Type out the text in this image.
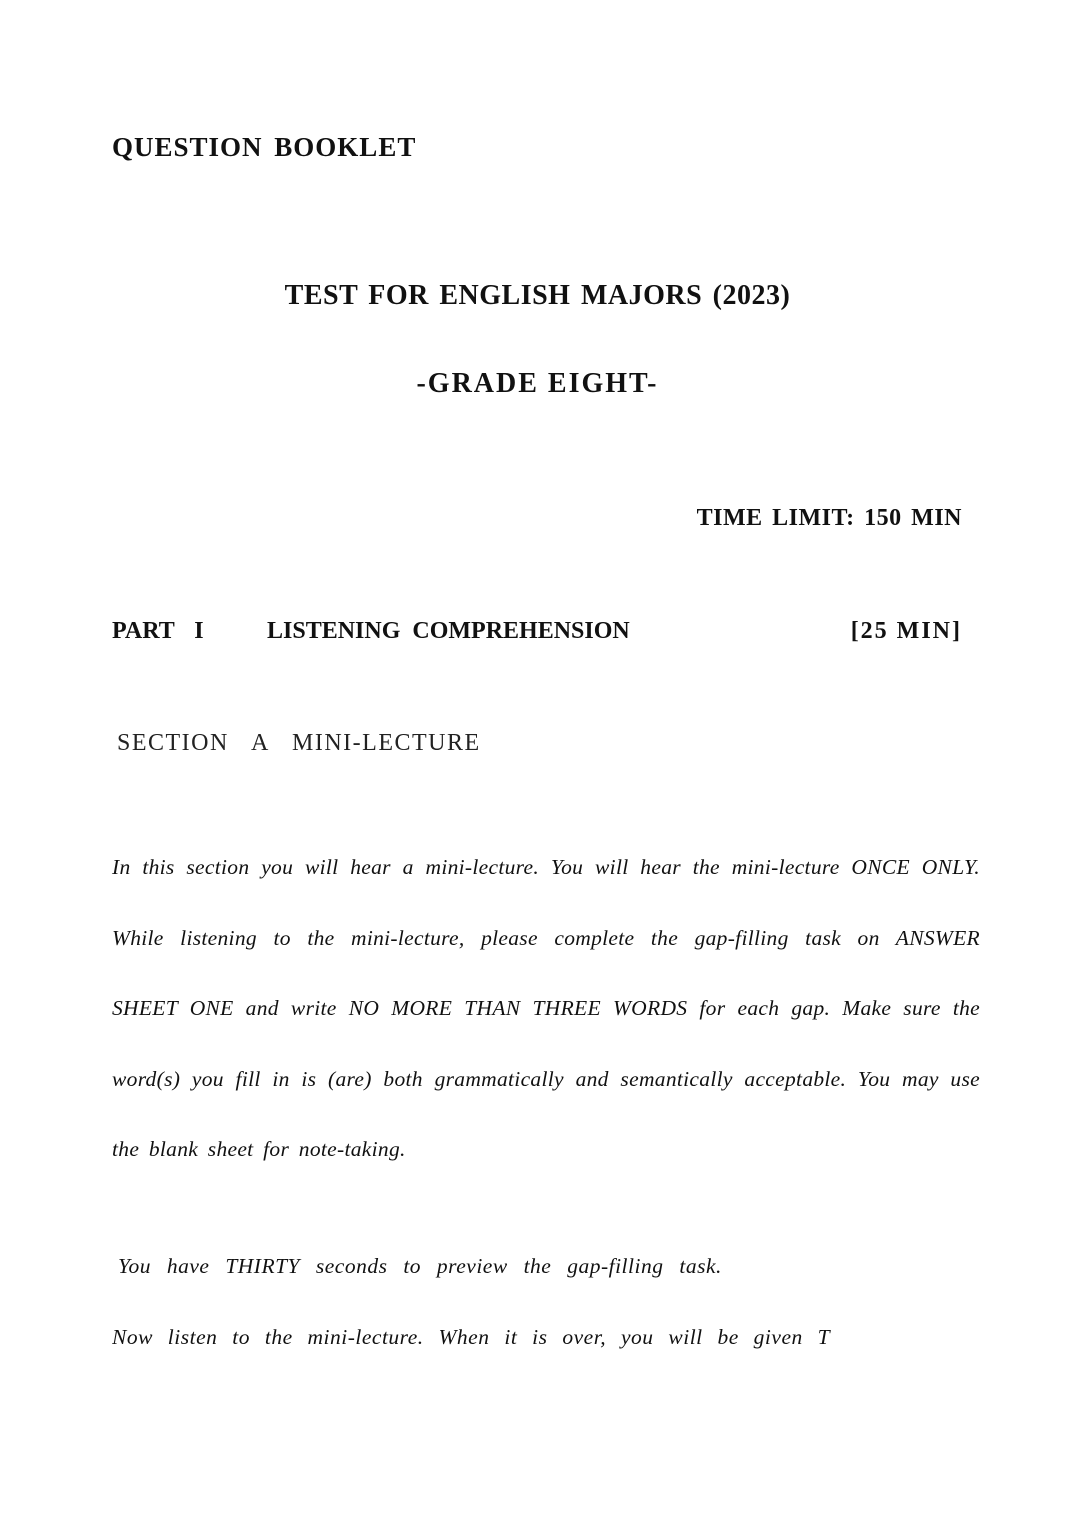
QUESTION BOOKLET
TEST FOR ENGLISH MAJORS (2023)
-GRADE EIGHT-
TIME LIMIT: 150 MIN
PART I	LISTENING COMPREHENSION	[25 MIN]
SECTION A MINI-LECTURE

In this section you will hear a mini-lecture. You will hear the mini-lecture ONCE ONLY. While listening to the mini-lecture, please complete the gap-filling task on ANSWER SHEET ONE and write NO MORE THAN THREE WORDS for each gap. Make sure the word(s) you fill in is (are) both grammatically and semantically acceptable. You may use the blank sheet for note-taking.

You have THIRTY seconds to preview the gap-filling task.

Now listen to the mini-lecture. When it is over, you will be given T
